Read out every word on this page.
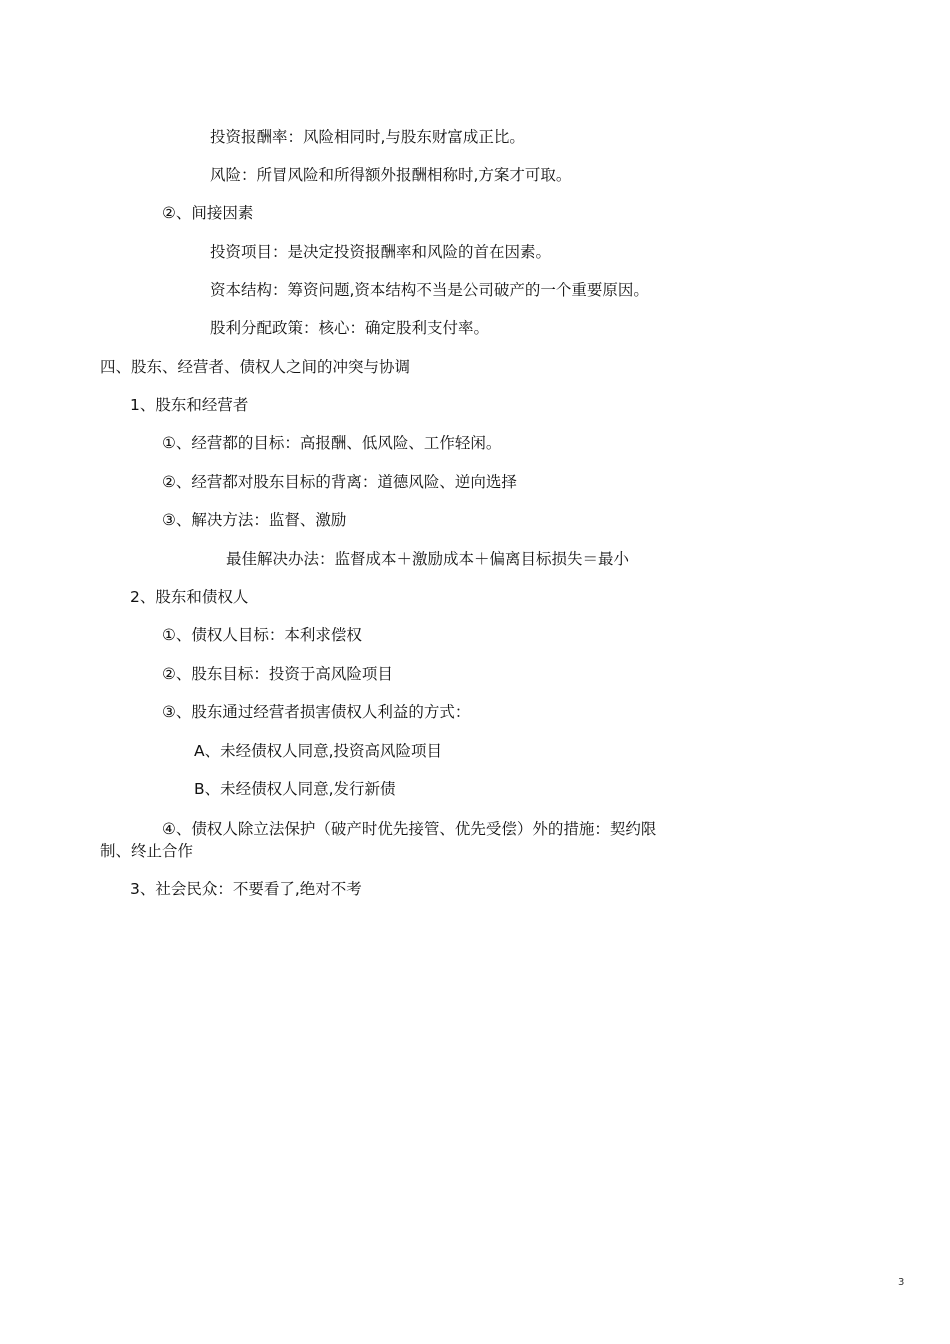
投资报酬率：风险相同时,与股东财富成正比。
风险：所冒风险和所得额外报酬相称时,方案才可取。
②、间接因素
投资项目：是决定投资报酬率和风险的首在因素。
资本结构：筹资问题,资本结构不当是公司破产的一个重要原因。
股利分配政策：核心：确定股利支付率。
四、股东、经营者、债权人之间的冲突与协调
1、股东和经营者
①、经营都的目标：高报酬、低风险、工作轻闲。
②、经营都对股东目标的背离：道德风险、逆向选择
③、解决方法：监督、激励
最佳解决办法：监督成本＋激励成本＋偏离目标损失＝最小
2、股东和债权人
①、债权人目标：本利求偿权
②、股东目标：投资于高风险项目
③、股东通过经营者损害债权人利益的方式：
A、未经债权人同意,投资高风险项目
B、未经债权人同意,发行新债
④、债权人除立法保护（破产时优先接管、优先受偿）外的措施：契约限
制、终止合作
3、社会民众：不要看了,绝对不考
3
